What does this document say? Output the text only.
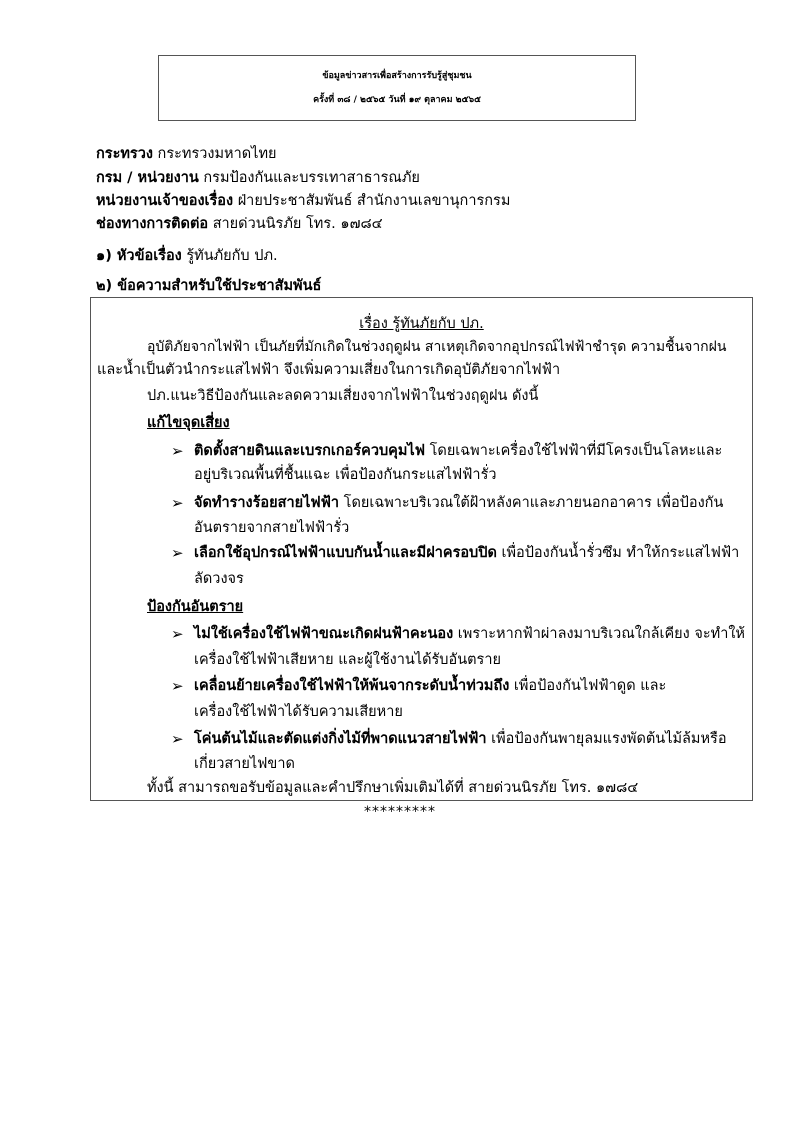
ข้อมูลข่าวสารเพื่อสร้างการรับรู้สู่ชุมชน
ครั้งที่ ๓๘ / ๒๕๖๕ วันที่ ๑๙ ตุลาคม ๒๕๖๕
กระทรวง กระทรวงมหาดไทย
กรม / หน่วยงาน กรมป้องกันและบรรเทาสาธารณภัย
หน่วยงานเจ้าของเรื่อง ฝ่ายประชาสัมพันธ์ สำนักงานเลขานุการกรม
ช่องทางการติดต่อ สายด่วนนิรภัย โทร. ๑๗๘๔
๑) หัวข้อเรื่อง รู้ทันภัยกับ ปภ.
๒) ข้อความสำหรับใช้ประชาสัมพันธ์
เรื่อง รู้ทันภัยกับ ปภ.
อุบัติภัยจากไฟฟ้า เป็นภัยที่มักเกิดในช่วงฤดูฝน สาเหตุเกิดจากอุปกรณ์ไฟฟ้าชำรุด ความชื้นจากฝน
และน้ำเป็นตัวนำกระแสไฟฟ้า จึงเพิ่มความเสี่ยงในการเกิดอุบัติภัยจากไฟฟ้า
ปภ.แนะวิธีป้องกันและลดความเสี่ยงจากไฟฟ้าในช่วงฤดูฝน ดังนี้
แก้ไขจุดเสี่ยง
➢ ติดตั้งสายดินและเบรกเกอร์ควบคุมไฟ โดยเฉพาะเครื่องใช้ไฟฟ้าที่มีโครงเป็นโลหะและ
อยู่บริเวณพื้นที่ชื้นแฉะ เพื่อป้องกันกระแสไฟฟ้ารั่ว
➢ จัดทำรางร้อยสายไฟฟ้า โดยเฉพาะบริเวณใต้ฝ้าหลังคาและภายนอกอาคาร เพื่อป้องกัน
อันตรายจากสายไฟฟ้ารั่ว
➢ เลือกใช้อุปกรณ์ไฟฟ้าแบบกันน้ำและมีฝาครอบปิด เพื่อป้องกันน้ำรั่วซึม ทำให้กระแสไฟฟ้า
ลัดวงจร
ป้องกันอันตราย
➢ ไม่ใช้เครื่องใช้ไฟฟ้าขณะเกิดฝนฟ้าคะนอง เพราะหากฟ้าผ่าลงมาบริเวณใกล้เคียง จะทำให้
เครื่องใช้ไฟฟ้าเสียหาย และผู้ใช้งานได้รับอันตราย
➢ เคลื่อนย้ายเครื่องใช้ไฟฟ้าให้พ้นจากระดับน้ำท่วมถึง เพื่อป้องกันไฟฟ้าดูด และ
เครื่องใช้ไฟฟ้าได้รับความเสียหาย
➢ โค่นต้นไม้และตัดแต่งกิ่งไม้ที่พาดแนวสายไฟฟ้า เพื่อป้องกันพายุลมแรงพัดต้นไม้ล้มหรือ
เกี่ยวสายไฟขาด
ทั้งนี้ สามารถขอรับข้อมูลและคำปรึกษาเพิ่มเติมได้ที่ สายด่วนนิรภัย โทร. ๑๗๘๔
*********
